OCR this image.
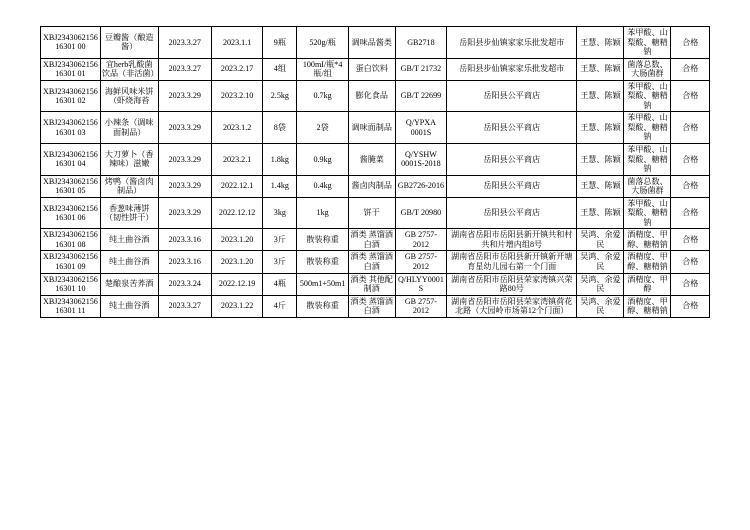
XBJ234306215616301 00	豆瓣酱（酿造酱）	2023.3.27	2023.1.1	9瓶	520g/瓶	调味品酱类	GB2718	岳阳县步仙镇家家乐批发超市	王慧、陈颖	苯甲酸、山梨酸、糖精钠	合格
XBJ234306215616301 01	宜herb乳酸菌饮品（非活菌）	2023.3.27	2023.2.17	4组	100mI/瓶*4瓶/组	蛋白饮料	GB/T 21732	岳阳县步仙镇家家乐批发超市	王慧、陈颖	菌落总数、大肠菌群	合格
XBJ234306215616301 02	海鲜风味米饼（虾烧海苔	2023.3.29	2023.2.10	2.5kg	0.7kg	膨化食品	GB/T 22699	岳阳县公平商店	王慧、陈颖	苯甲酸、山梨酸、糖精钠	合格
XBJ234306215616301 03	小辣条（调味面制品）	2023.3.29	2023.1.2	8袋	2袋	调味面制品	Q/YPXA 0001S	岳阳县公平商店	王慧、陈颖	苯甲酸、山梨酸、糖精钠	合格
XBJ234306215616301 04	大刀萝卜（香辣味）滋嫩	2023.3.29	2023.2.1	1.8kg	0.9kg	酱腌菜	Q/YSHW 0001S-2018	岳阳县公平商店	王慧、陈颖	苯甲酸、山梨酸、糖精钠	合格
XBJ234306215616301 05	烤鸭（酱卤肉制品）	2023.3.29	2022.12.1	1.4kg	0.4kg	酱卤肉制品	GB2726-2016	岳阳县公平商店	王慧、陈颖	菌落总数、大肠菌群	合格
XBJ234306215616301 06	香葱味薄饼（韧性饼干）	2023.3.29	2022.12.12	3kg	1kg	饼干	GB/T 20980	岳阳县公平商店	王慧、陈颖	苯甲酸、山梨酸、糖精钠	合格
XBJ234306215616301 08	纯土曲谷酒	2023.3.16	2023.1.20	3斤	散装称重	酒类 蒸馏酒 白酒	GB 2757-2012	湖南省岳阳市岳阳县新开镇共和村共和片增内组8号	吴鸿、余爱民	酒精度、甲醇、糖精钠	合格
XBJ234306215616301 09	纯土曲谷酒	2023.3.16	2023.1.20	3斤	散装称重	酒类 蒸馏酒 白酒	GB 2757-2012	湖南省岳阳市岳阳县新开镇新开塘育星幼儿园右第一个门面	吴鸿、余爱民	酒精度、甲醇、糖精钠	合格
XBJ234306215616301 10	楚酿泉苦荞酒	2023.3.24	2022.12.19	4瓶	500m1+50m1	酒类 其他配制酒	Q/HLYY0001S	湖南省岳阳市岳阳县荣家湾镇兴荣路80号	吴鸿、余爱民	酒精度、甲醇	合格
XBJ234306215616301 11	纯土曲谷酒	2023.3.27	2023.1.22	4斤	散装称重	酒类 蒸馏酒 白酒	GB 2757-2012	湖南省岳阳市岳阳县荣家湾镇荷花北路（大园岭市场第12个门面）	吴鸿、余爱民	酒精度、甲醇、糖精钠	合格
